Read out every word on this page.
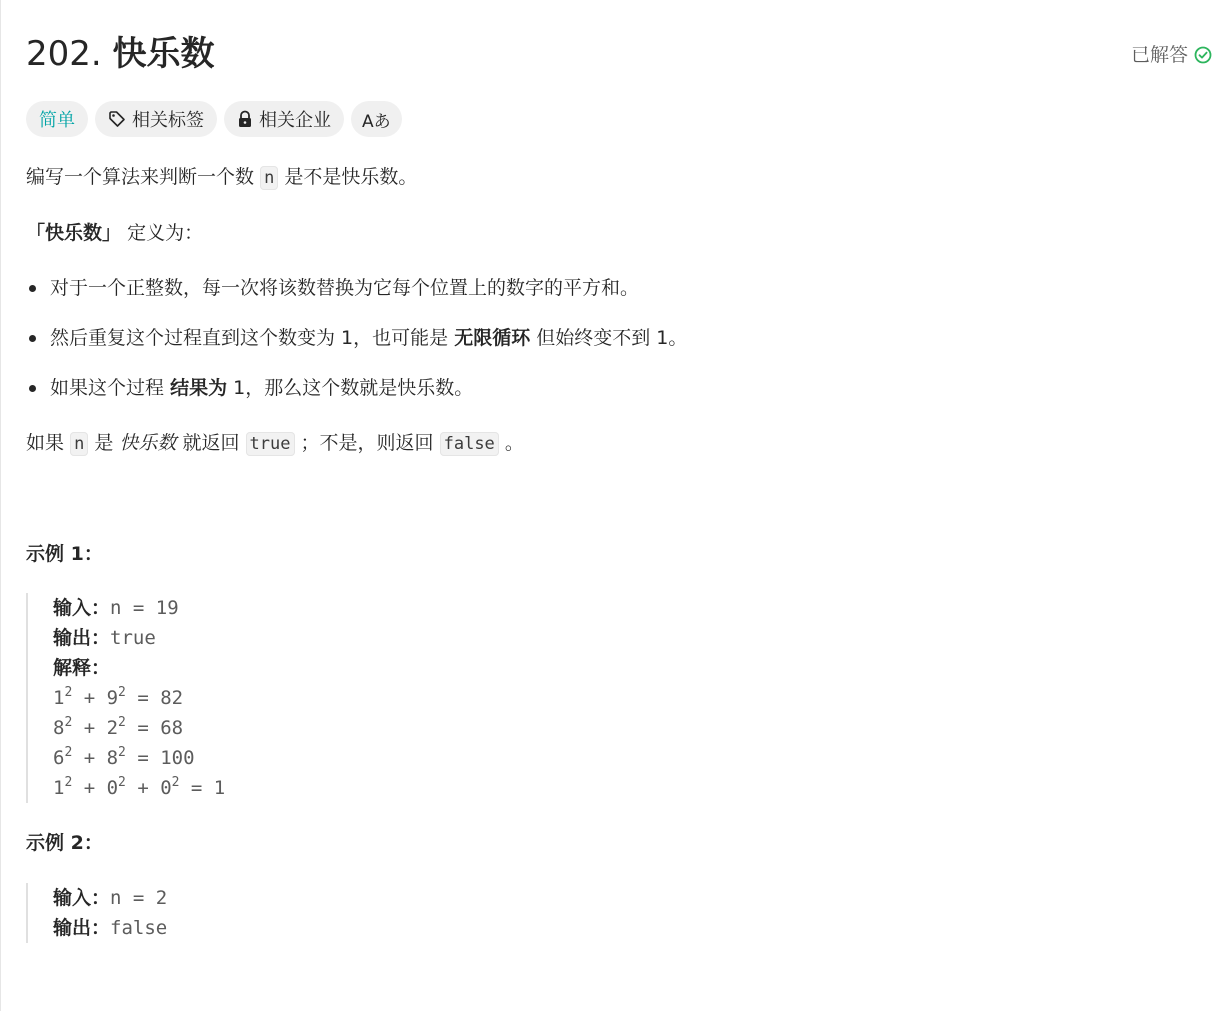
202. 快乐数	已解答
简单	相关标签	相关企业 Aあ
编写一个算法来判断一个数 n 是不是快乐数。
「快乐数」 定义为：
对于一个正整数，每一次将该数替换为它每个位置上的数字的平方和。
然后重复这个过程直到这个数变为 1，也可能是 无限循环 但始终变不到 1。
如果这个过程 结果为 1，那么这个数就是快乐数。
如果 n 是 快乐数 就返回 true ；不是，则返回 false 。
示例 1：
输入：n = 19
输出：true
解释：
$1^2 + 9^2 = 82$
$8^2 + 2^2 = 68$
$6^2 + 8^2 = 100$
$1^2 + 0^2 + 0^2 = 1$
示例 2：
输入：n = 2
输出：false
